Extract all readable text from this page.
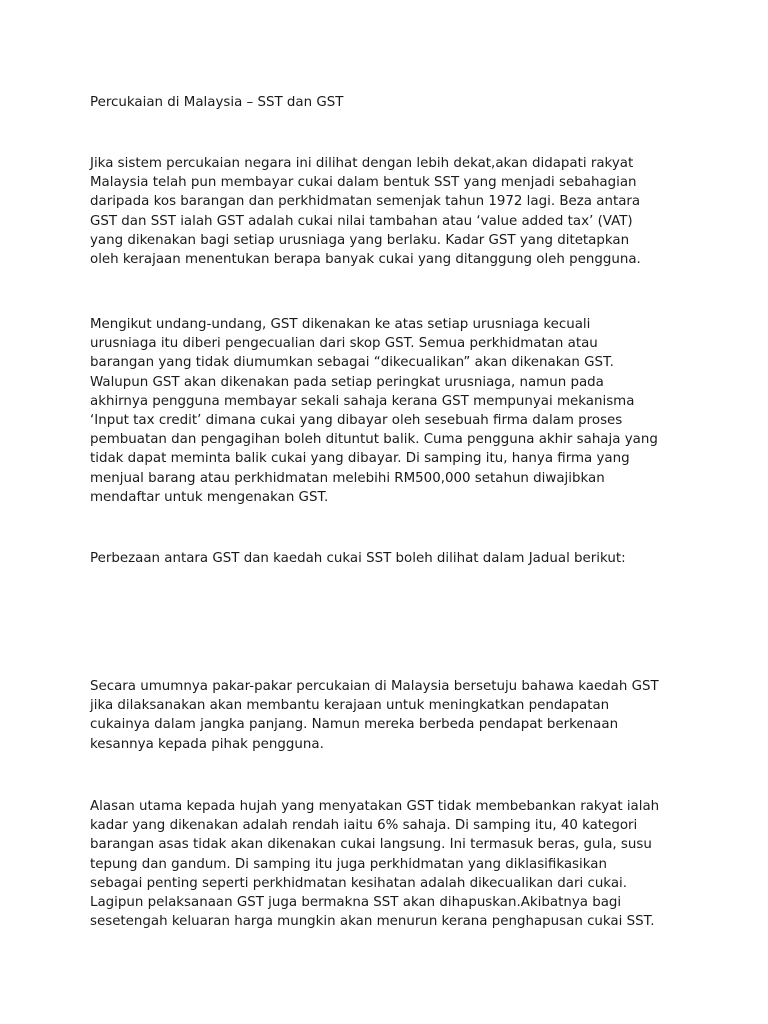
Percukaian di Malaysia – SST dan GST
Jika sistem percukaian negara ini dilihat dengan lebih dekat,akan didapati rakyat
Malaysia telah pun membayar cukai dalam bentuk SST yang menjadi sebahagian
daripada kos barangan dan perkhidmatan semenjak tahun 1972 lagi. Beza antara
GST dan SST ialah GST adalah cukai nilai tambahan atau ‘value added tax’ (VAT)
yang dikenakan bagi setiap urusniaga yang berlaku. Kadar GST yang ditetapkan
oleh kerajaan menentukan berapa banyak cukai yang ditanggung oleh pengguna.
Mengikut undang-undang, GST dikenakan ke atas setiap urusniaga kecuali
urusniaga itu diberi pengecualian dari skop GST. Semua perkhidmatan atau
barangan yang tidak diumumkan sebagai “dikecualikan” akan dikenakan GST.
Walupun GST akan dikenakan pada setiap peringkat urusniaga, namun pada
akhirnya pengguna membayar sekali sahaja kerana GST mempunyai mekanisma
‘Input tax credit’ dimana cukai yang dibayar oleh sesebuah firma dalam proses
pembuatan dan pengagihan boleh dituntut balik. Cuma pengguna akhir sahaja yang
tidak dapat meminta balik cukai yang dibayar. Di samping itu, hanya firma yang
menjual barang atau perkhidmatan melebihi RM500,000 setahun diwajibkan
mendaftar untuk mengenakan GST.
Perbezaan antara GST dan kaedah cukai SST boleh dilihat dalam Jadual berikut:
Secara umumnya pakar-pakar percukaian di Malaysia bersetuju bahawa kaedah GST
jika dilaksanakan akan membantu kerajaan untuk meningkatkan pendapatan
cukainya dalam jangka panjang. Namun mereka berbeda pendapat berkenaan
kesannya kepada pihak pengguna.
Alasan utama kepada hujah yang menyatakan GST tidak membebankan rakyat ialah
kadar yang dikenakan adalah rendah iaitu 6% sahaja. Di samping itu, 40 kategori
barangan asas tidak akan dikenakan cukai langsung. Ini termasuk beras, gula, susu
tepung dan gandum. Di samping itu juga perkhidmatan yang diklasifikasikan
sebagai penting seperti perkhidmatan kesihatan adalah dikecualikan dari cukai.
Lagipun pelaksanaan GST juga bermakna SST akan dihapuskan.Akibatnya bagi
sesetengah keluaran harga mungkin akan menurun kerana penghapusan cukai SST.
